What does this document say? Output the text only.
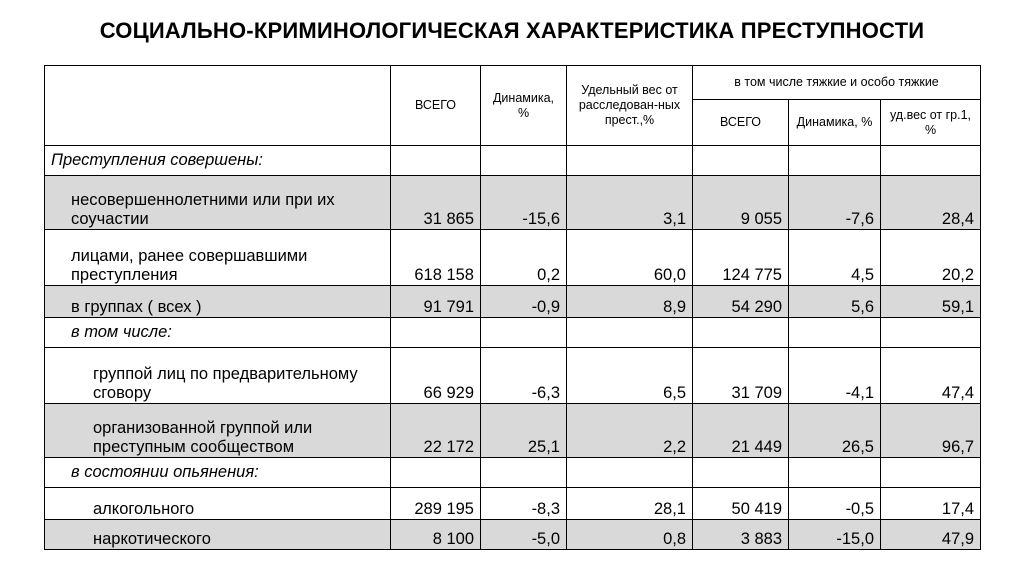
СОЦИАЛЬНО-КРИМИНОЛОГИЧЕСКАЯ ХАРАКТЕРИСТИКА ПРЕСТУПНОСТИ
	ВСЕГО	Динамика, %	Удельный вес от расследован-ных прест.,%	в том числе тяжкие и особо тяжкие		
				ВСЕГО	Динамика, %	уд.вес от гр.1, %
Преступления совершены:						
несовершеннолетними или при их соучастии	31 865	-15,6	3,1	9 055	-7,6	28,4
лицами, ранее совершавшими преступления	618 158	0,2	60,0	124 775	4,5	20,2
в группах ( всех )	91 791	-0,9	8,9	54 290	5,6	59,1
в том числе:						
группой лиц по предварительному сговору	66 929	-6,3	6,5	31 709	-4,1	47,4
организованной группой или преступным сообществом	22 172	25,1	2,2	21 449	26,5	96,7
в состоянии опьянения:						
алкогольного	289 195	-8,3	28,1	50 419	-0,5	17,4
наркотического	8 100	-5,0	0,8	3 883	-15,0	47,9
